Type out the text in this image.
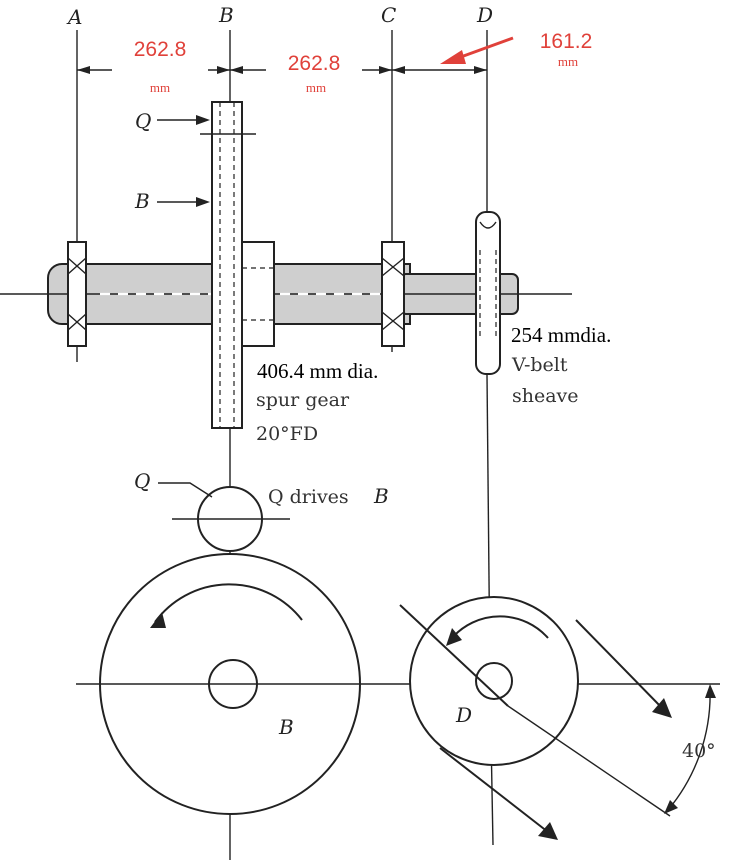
A	B	C	D
262.8
mm
262.8
mm
161.2
mm
Q
B
406.4 mm dia.
spur gear
20°FD
254 mmdia.
V-belt
sheave
Q
Q drives B
B	D
40°
